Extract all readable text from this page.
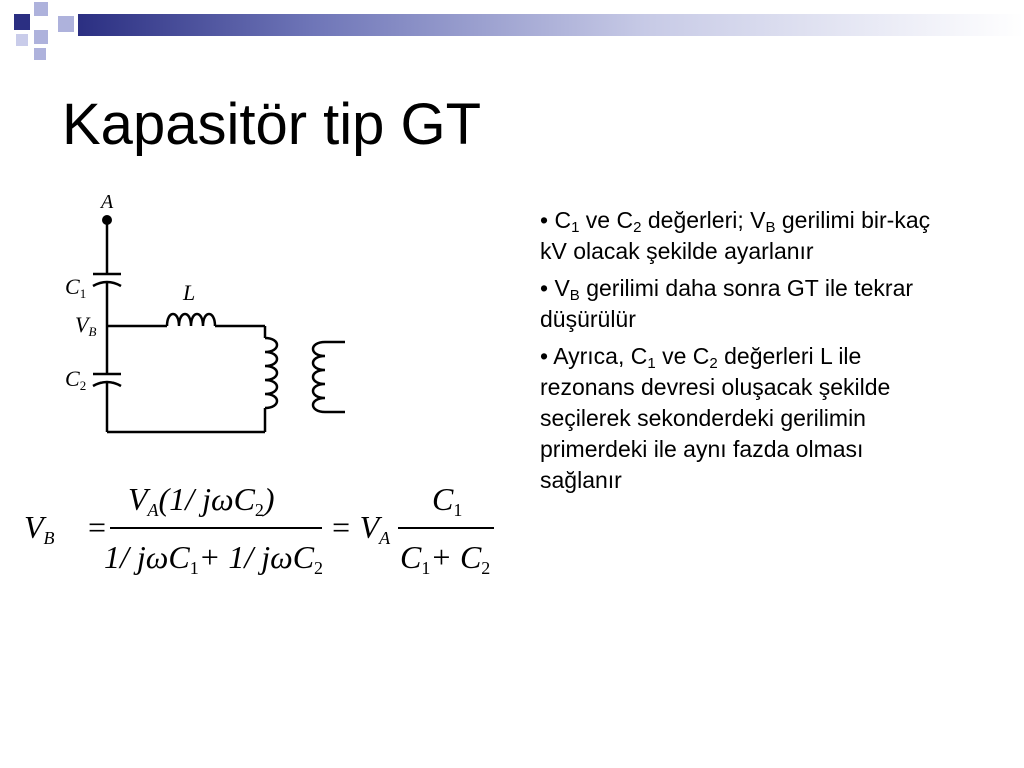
Kapasitör tip GT
A
C1
VB
C2
L
VB =
VA(1/ jωC2)
1/ jωC1+ 1/ jωC2
= VA
C1
C1+ C2
• $C_1$ ve $C_2$ değerleri; $V_B$ gerilimi bir-kaç kV olacak şekilde ayarlanır
• $V_B$ gerilimi daha sonra GT ile tekrar düşürülür
• Ayrıca, $C_1$ ve $C_2$ değerleri L ile rezonans devresi oluşacak şekilde seçilerek sekonderdeki gerilimin primerdeki ile aynı fazda olması sağlanır
